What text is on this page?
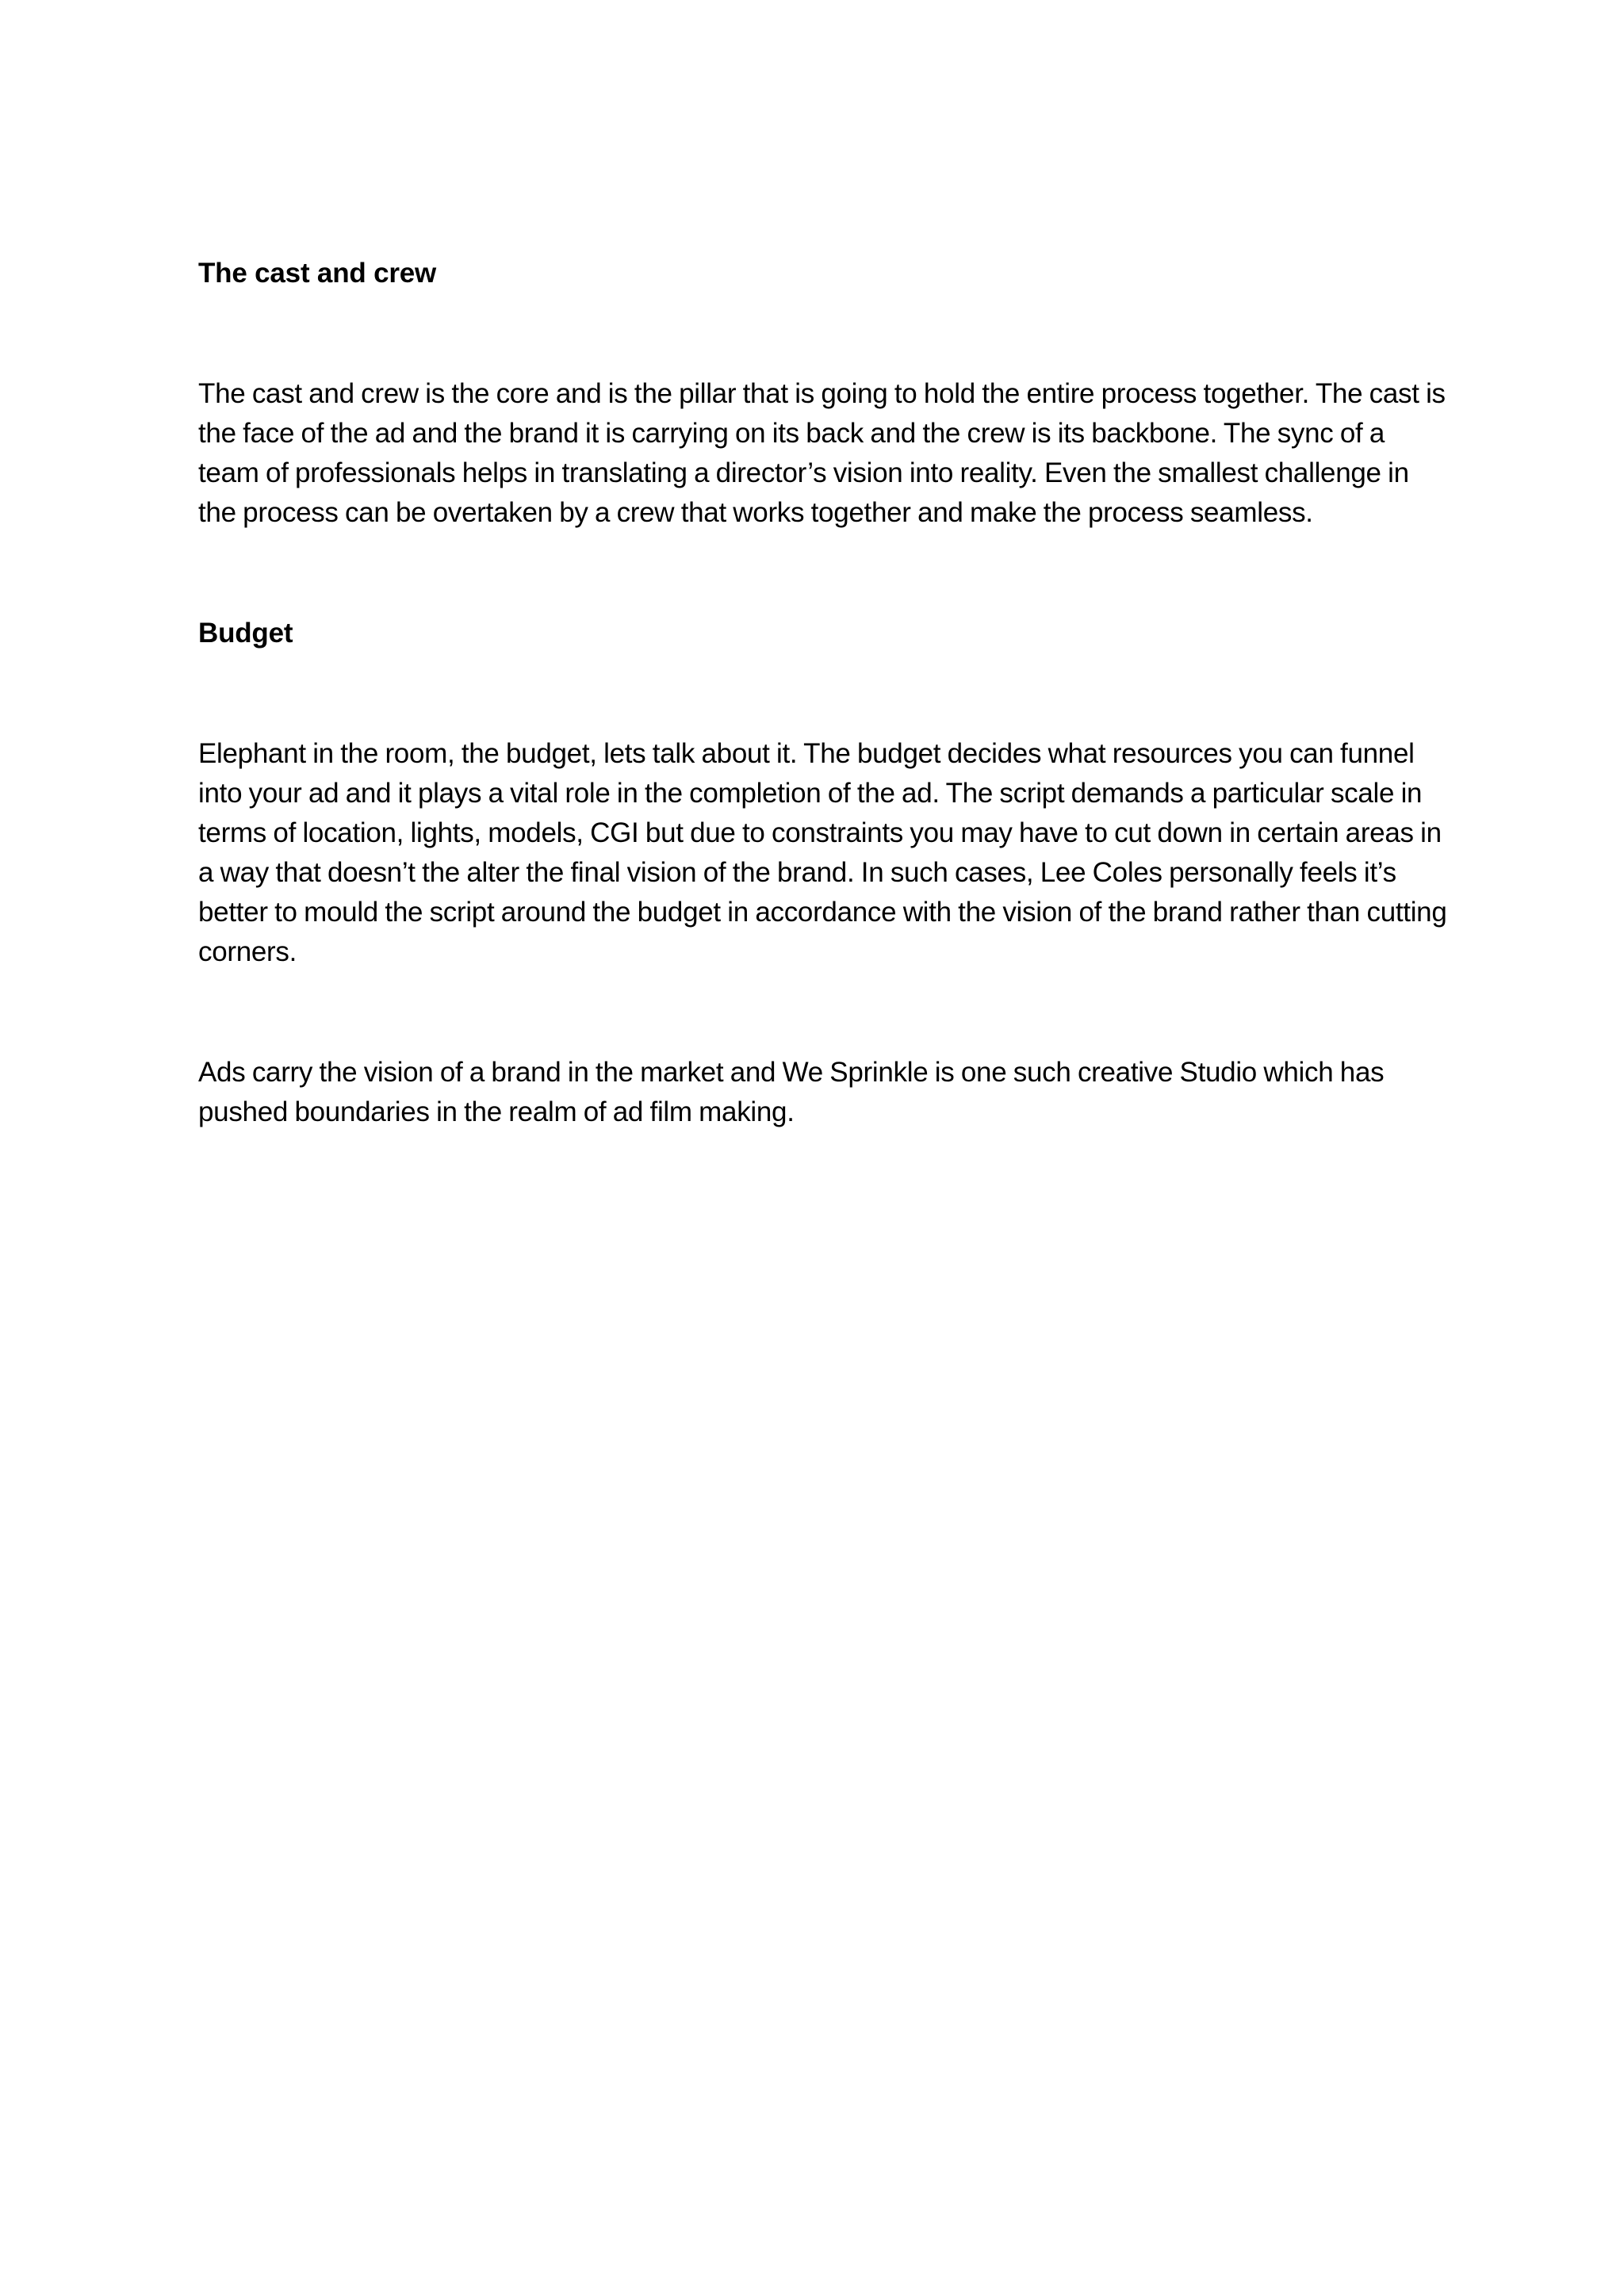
The cast and crew

The cast and crew is the core and is the pillar that is going to hold the entire process together. The cast is the face of the ad and the brand it is carrying on its back and the crew is its backbone. The sync of a team of professionals helps in translating a director’s vision into reality. Even the smallest challenge in the process can be overtaken by a crew that works together and make the process seamless.

Budget

Elephant in the room, the budget, lets talk about it. The budget decides what resources you can funnel into your ad and it plays a vital role in the completion of the ad. The script demands a particular scale in terms of location, lights, models, CGI but due to constraints you may have to cut down in certain areas in a way that doesn’t the alter the final vision of the brand. In such cases, Lee Coles personally feels it’s better to mould the script around the budget in accordance with the vision of the brand rather than cutting corners.

Ads carry the vision of a brand in the market and We Sprinkle is one such creative Studio which has pushed boundaries in the realm of ad film making.
